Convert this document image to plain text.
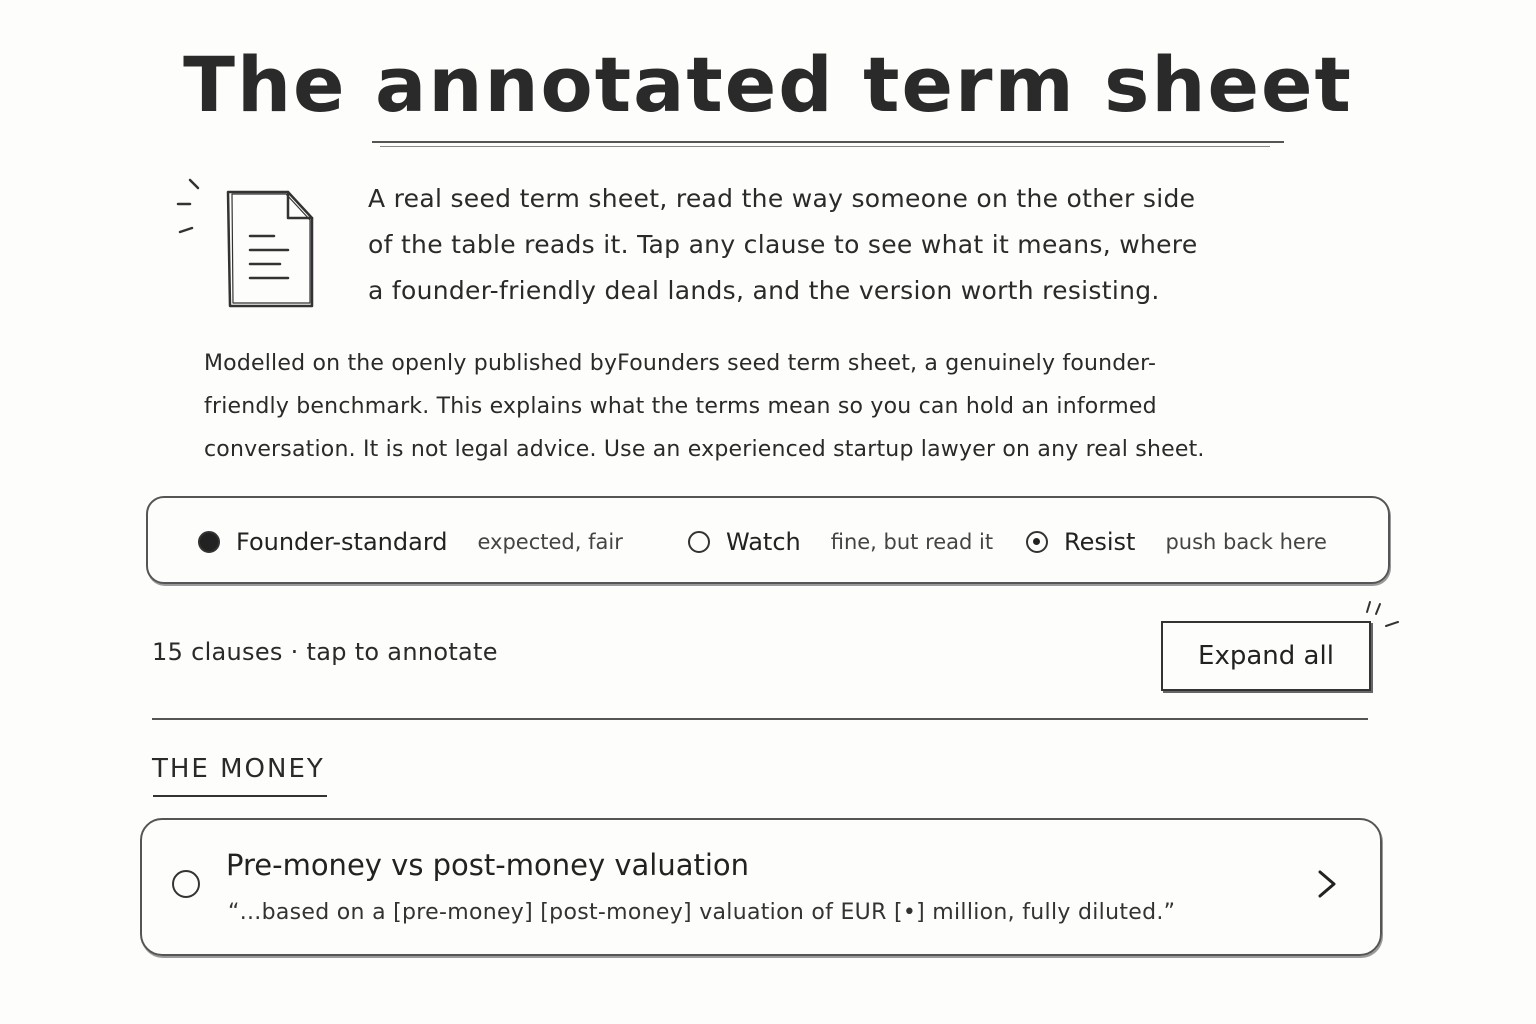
The annotated term sheet
A real seed term sheet, read the way someone on the other side
of the table reads it. Tap any clause to see what it means, where
a founder-friendly deal lands, and the version worth resisting.
Modelled on the openly published byFounders seed term sheet, a genuinely founder-
friendly benchmark. This explains what the terms mean so you can hold an informed
conversation. It is not legal advice. Use an experienced startup lawyer on any real sheet.
Founder-standard expected, fair	Watch fine, but read it	Resist push back here
15 clauses · tap to annotate	Expand all
THE MONEY
Pre-money vs post-money valuation
“...based on a [pre-money] [post-money] valuation of EUR [•] million, fully diluted.”
